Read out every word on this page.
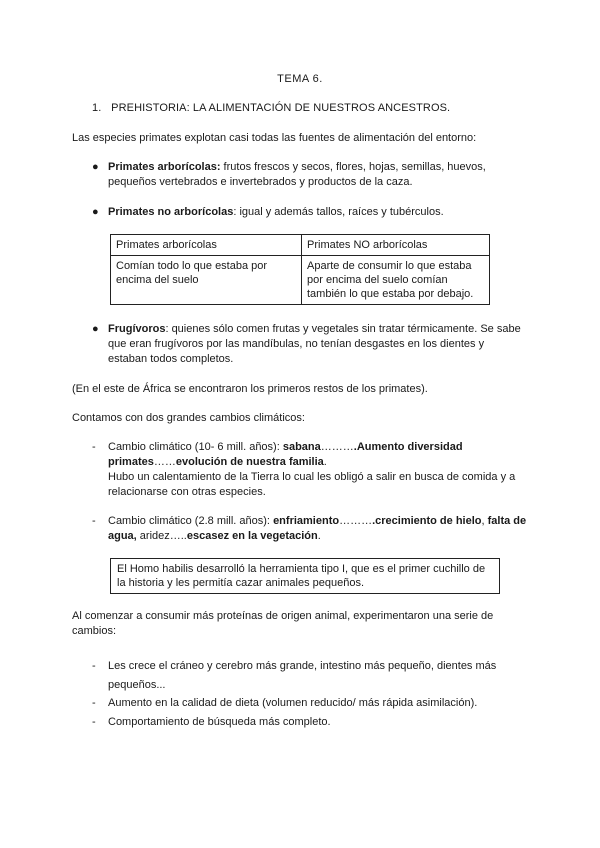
TEMA 6.
1. PREHISTORIA: LA ALIMENTACIÓN DE NUESTROS ANCESTROS.
Las especies primates explotan casi todas las fuentes de alimentación del entorno:
● Primates arborícolas: frutos frescos y secos, flores, hojas, semillas, huevos, pequeños vertebrados e invertebrados y productos de la caza.
● Primates no arborícolas: igual y además tallos, raíces y tubérculos.
Primates arborícolas	Primates NO arborícolas
Comían todo lo que estaba por encima del suelo	Aparte de consumir lo que estaba por encima del suelo comían también lo que estaba por debajo.
● Frugívoros: quienes sólo comen frutas y vegetales sin tratar térmicamente. Se sabe que eran frugívoros por las mandíbulas, no tenían desgastes en los dientes y estaban todos completos.
(En el este de África se encontraron los primeros restos de los primates).
Contamos con dos grandes cambios climáticos:
- Cambio climático (10- 6 mill. años): sabana……….Aumento diversidad primates……evolución de nuestra familia.
Hubo un calentamiento de la Tierra lo cual les obligó a salir en busca de comida y a relacionarse con otras especies.
- Cambio climático (2.8 mill. años): enfriamiento……….crecimiento de hielo, falta de agua, aridez…..escasez en la vegetación.
El Homo habilis desarrolló la herramienta tipo I, que es el primer cuchillo de la historia y les permitía cazar animales pequeños.
Al comenzar a consumir más proteínas de origen animal, experimentaron una serie de cambios:
- Les crece el cráneo y cerebro más grande, intestino más pequeño, dientes más pequeños...
- Aumento en la calidad de dieta (volumen reducido/ más rápida asimilación).
- Comportamiento de búsqueda más completo.
